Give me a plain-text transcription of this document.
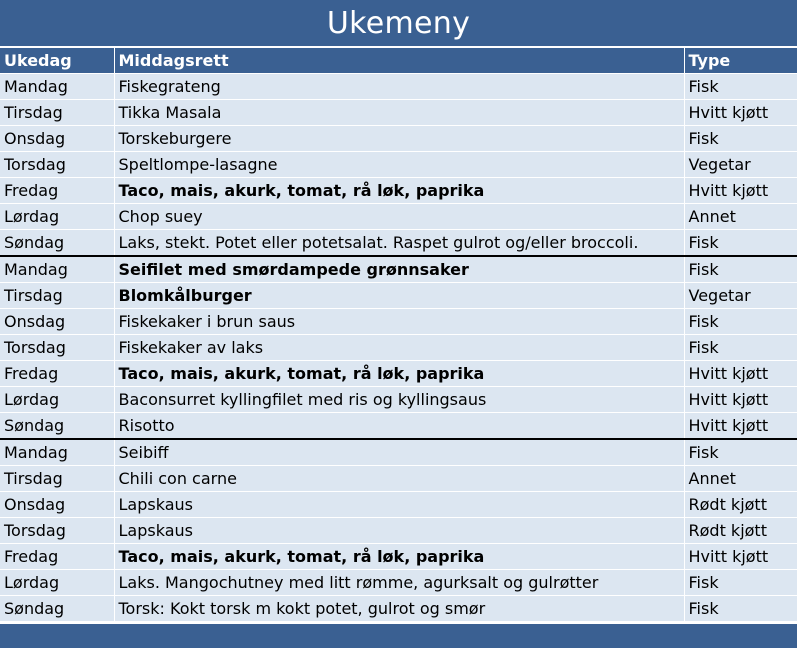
Ukemeny
Ukedag	Middagsrett	Type
Mandag	Fiskegrateng	Fisk
Tirsdag	Tikka Masala	Hvitt kjøtt
Onsdag	Torskeburgere	Fisk
Torsdag	Speltlompe-lasagne	Vegetar
Fredag	Taco, mais, akurk, tomat, rå løk, paprika	Hvitt kjøtt
Lørdag	Chop suey	Annet
Søndag	Laks, stekt. Potet eller potetsalat. Raspet gulrot og/eller broccoli.	Fisk
Mandag	Seifilet med smørdampede grønnsaker	Fisk
Tirsdag	Blomkålburger	Vegetar
Onsdag	Fiskekaker i brun saus	Fisk
Torsdag	Fiskekaker av laks	Fisk
Fredag	Taco, mais, akurk, tomat, rå løk, paprika	Hvitt kjøtt
Lørdag	Baconsurret kyllingfilet med ris og kyllingsaus	Hvitt kjøtt
Søndag	Risotto	Hvitt kjøtt
Mandag	Seibiff	Fisk
Tirsdag	Chili con carne	Annet
Onsdag	Lapskaus	Rødt kjøtt
Torsdag	Lapskaus	Rødt kjøtt
Fredag	Taco, mais, akurk, tomat, rå løk, paprika	Hvitt kjøtt
Lørdag	Laks. Mangochutney med litt rømme, agurksalt og gulrøtter	Fisk
Søndag	Torsk: Kokt torsk m kokt potet, gulrot og smør	Fisk
